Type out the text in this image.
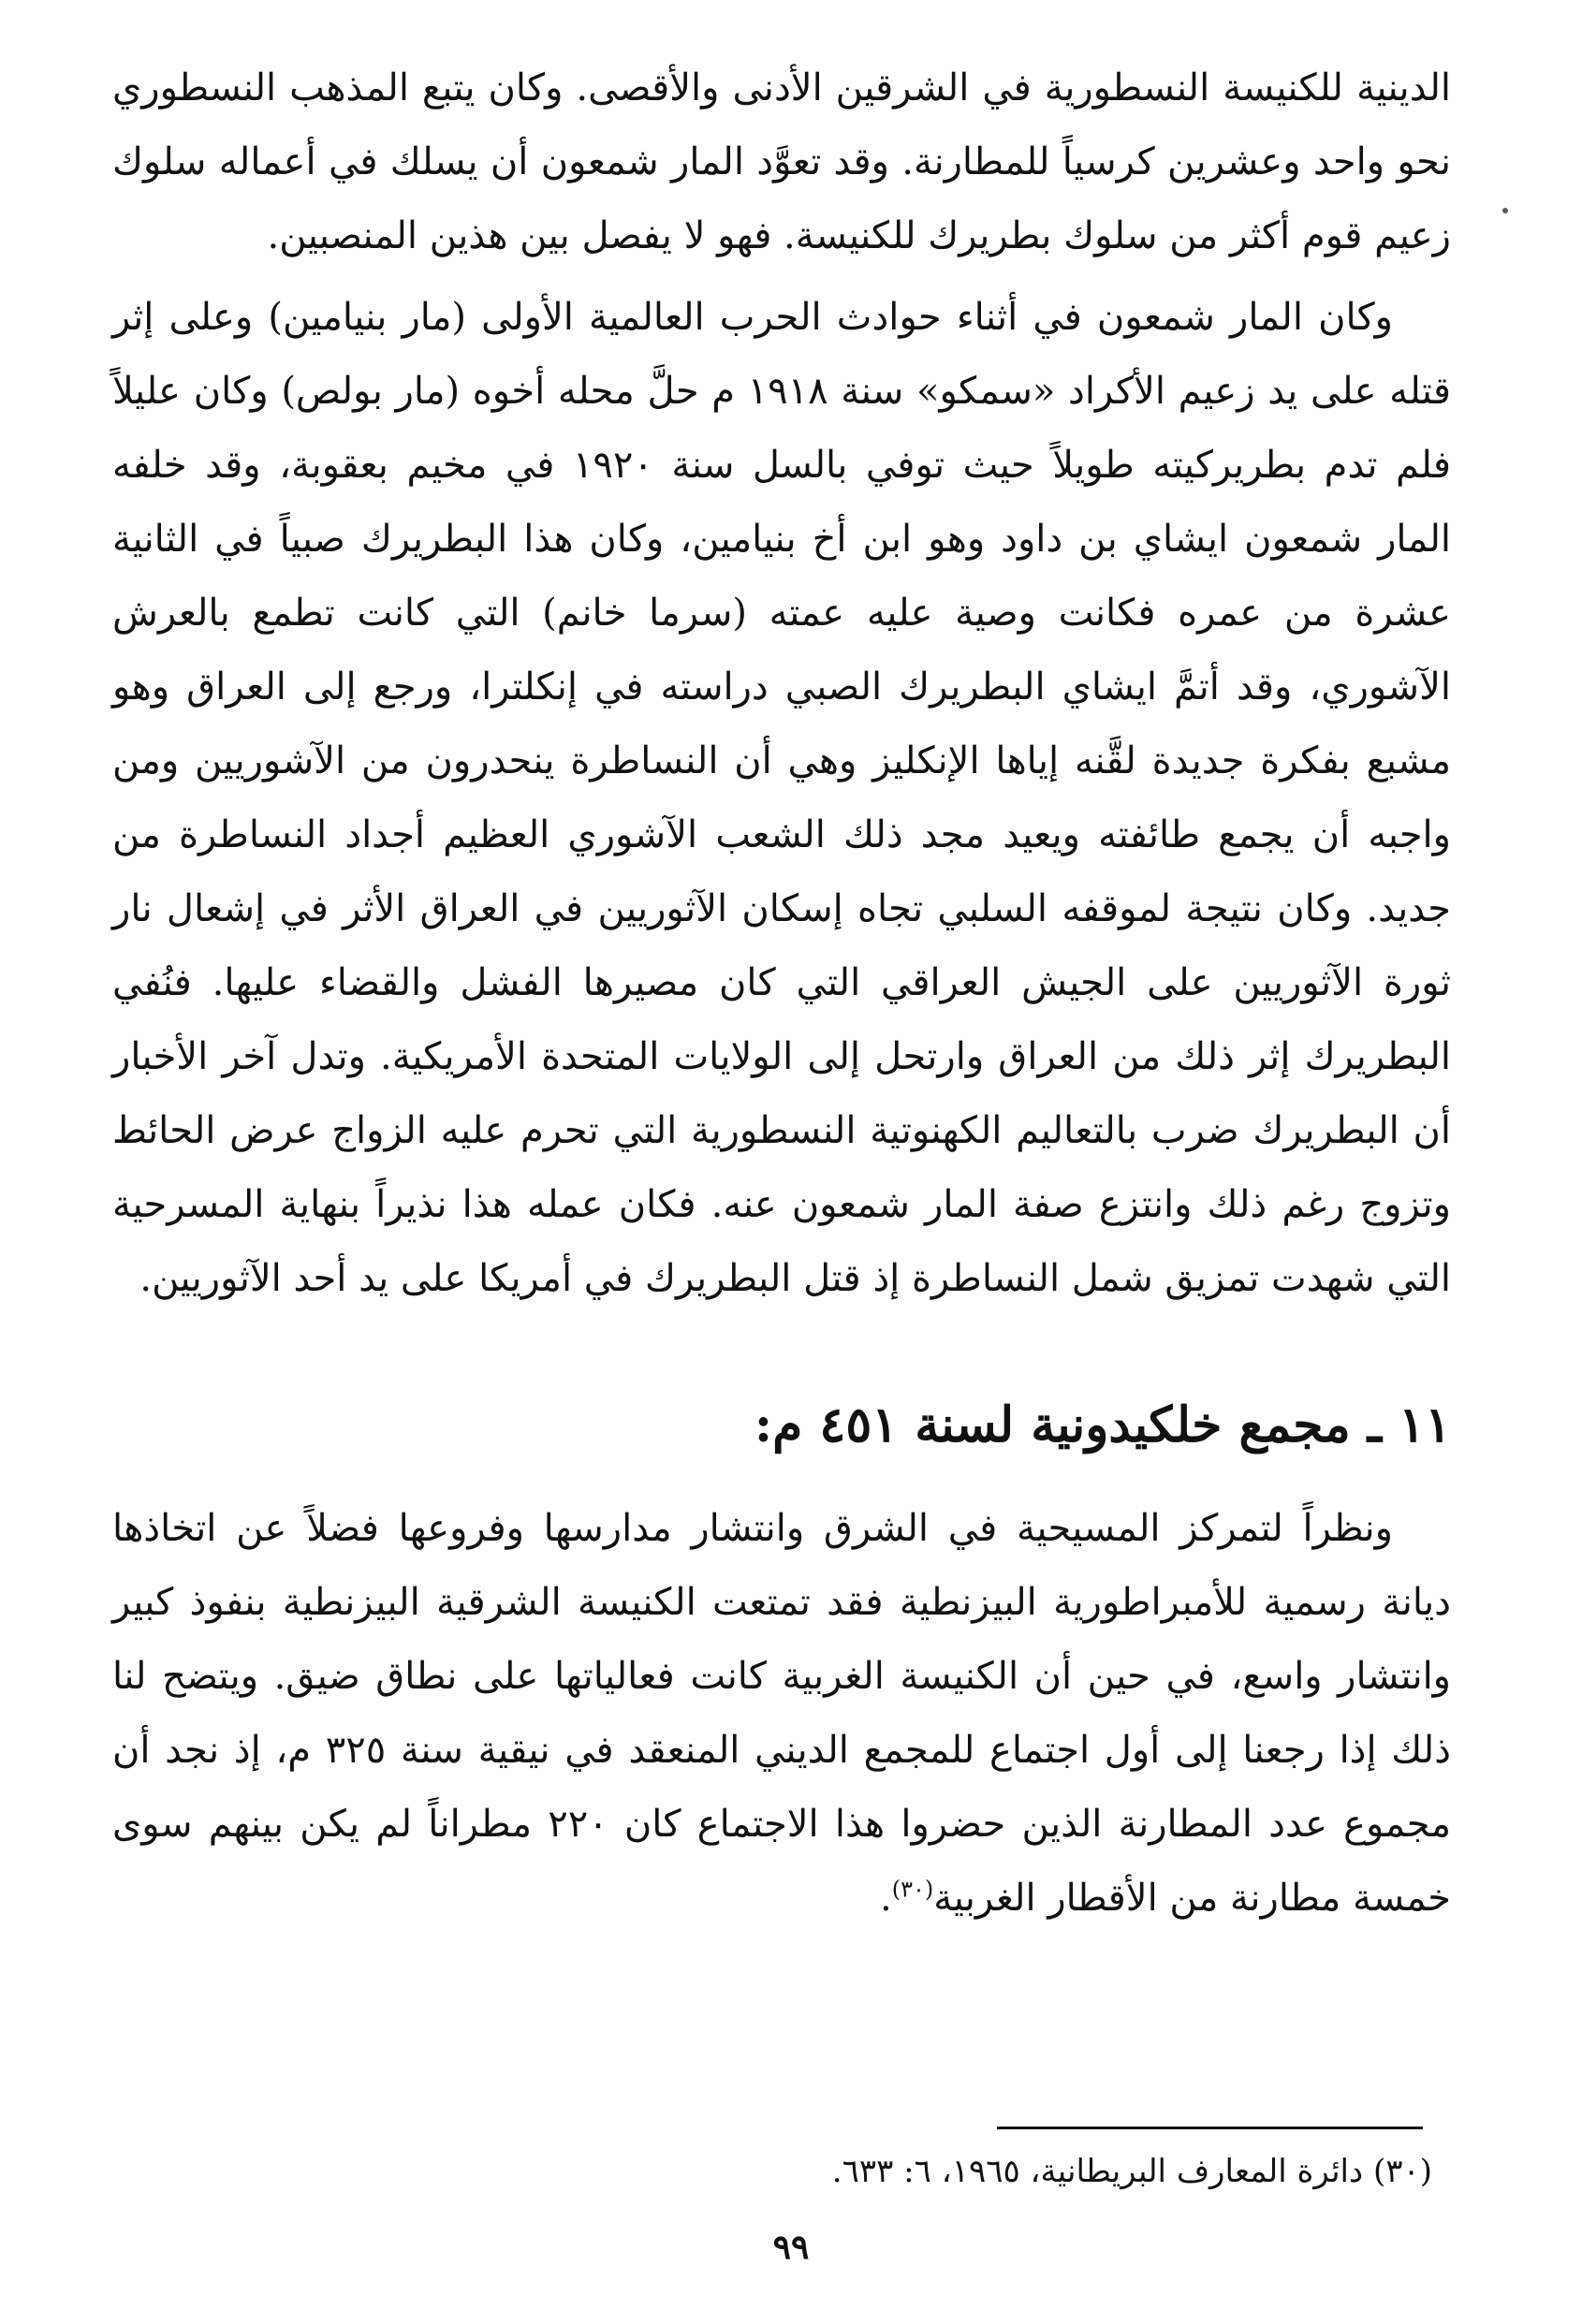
الدينية للكنيسة النسطورية في الشرقين الأدنى والأقصى. وكان يتبع المذهب النسطوري نحو واحد وعشرين كرسياً للمطارنة. وقد تعوَّد المار شمعون أن يسلك في أعماله سلوك زعيم قوم أكثر من سلوك بطريرك للكنيسة. فهو لا يفصل بين هذين المنصبين.

وكان المار شمعون في أثناء حوادث الحرب العالمية الأولى (مار بنيامين) وعلى إثر قتله على يد زعيم الأكراد «سمكو» سنة ١٩١٨ م حلَّ محله أخوه (مار بولص) وكان عليلاً فلم تدم بطريركيته طويلاً حيث توفي بالسل سنة ١٩٢٠ في مخيم بعقوبة، وقد خلفه المار شمعون ايشاي بن داود وهو ابن أخ بنيامين، وكان هذا البطريرك صبياً في الثانية عشرة من عمره فكانت وصية عليه عمته (سرما خانم) التي كانت تطمع بالعرش الآشوري، وقد أتمَّ ايشاي البطريرك الصبي دراسته في إنكلترا، ورجع إلى العراق وهو مشبع بفكرة جديدة لقَّنه إياها الإنكليز وهي أن النساطرة ينحدرون من الآشوريين ومن واجبه أن يجمع طائفته ويعيد مجد ذلك الشعب الآشوري العظيم أجداد النساطرة من جديد. وكان نتيجة لموقفه السلبي تجاه إسكان الآثوريين في العراق الأثر في إشعال نار ثورة الآثوريين على الجيش العراقي التي كان مصيرها الفشل والقضاء عليها. فنُفي البطريرك إثر ذلك من العراق وارتحل إلى الولايات المتحدة الأمريكية. وتدل آخر الأخبار أن البطريرك ضرب بالتعاليم الكهنوتية النسطورية التي تحرم عليه الزواج عرض الحائط وتزوج رغم ذلك وانتزع صفة المار شمعون عنه. فكان عمله هذا نذيراً بنهاية المسرحية التي شهدت تمزيق شمل النساطرة إذ قتل البطريرك في أمريكا على يد أحد الآثوريين.

١١ ـ مجمع خلكيدونية لسنة ٤٥١ م:

ونظراً لتمركز المسيحية في الشرق وانتشار مدارسها وفروعها فضلاً عن اتخاذها ديانة رسمية للأمبراطورية البيزنطية فقد تمتعت الكنيسة الشرقية البيزنطية بنفوذ كبير وانتشار واسع، في حين أن الكنيسة الغربية كانت فعالياتها على نطاق ضيق. ويتضح لنا ذلك إذا رجعنا إلى أول اجتماع للمجمع الديني المنعقد في نيقية سنة ٣٢٥ م، إذ نجد أن مجموع عدد المطارنة الذين حضروا هذا الاجتماع كان ٢٢٠ مطراناً لم يكن بينهم سوى خمسة مطارنة من الأقطار الغربية$^{(٣٠)}$.

(٣٠) دائرة المعارف البريطانية، ١٩٦٥، ٦: ٦٣٣.
٩٩
